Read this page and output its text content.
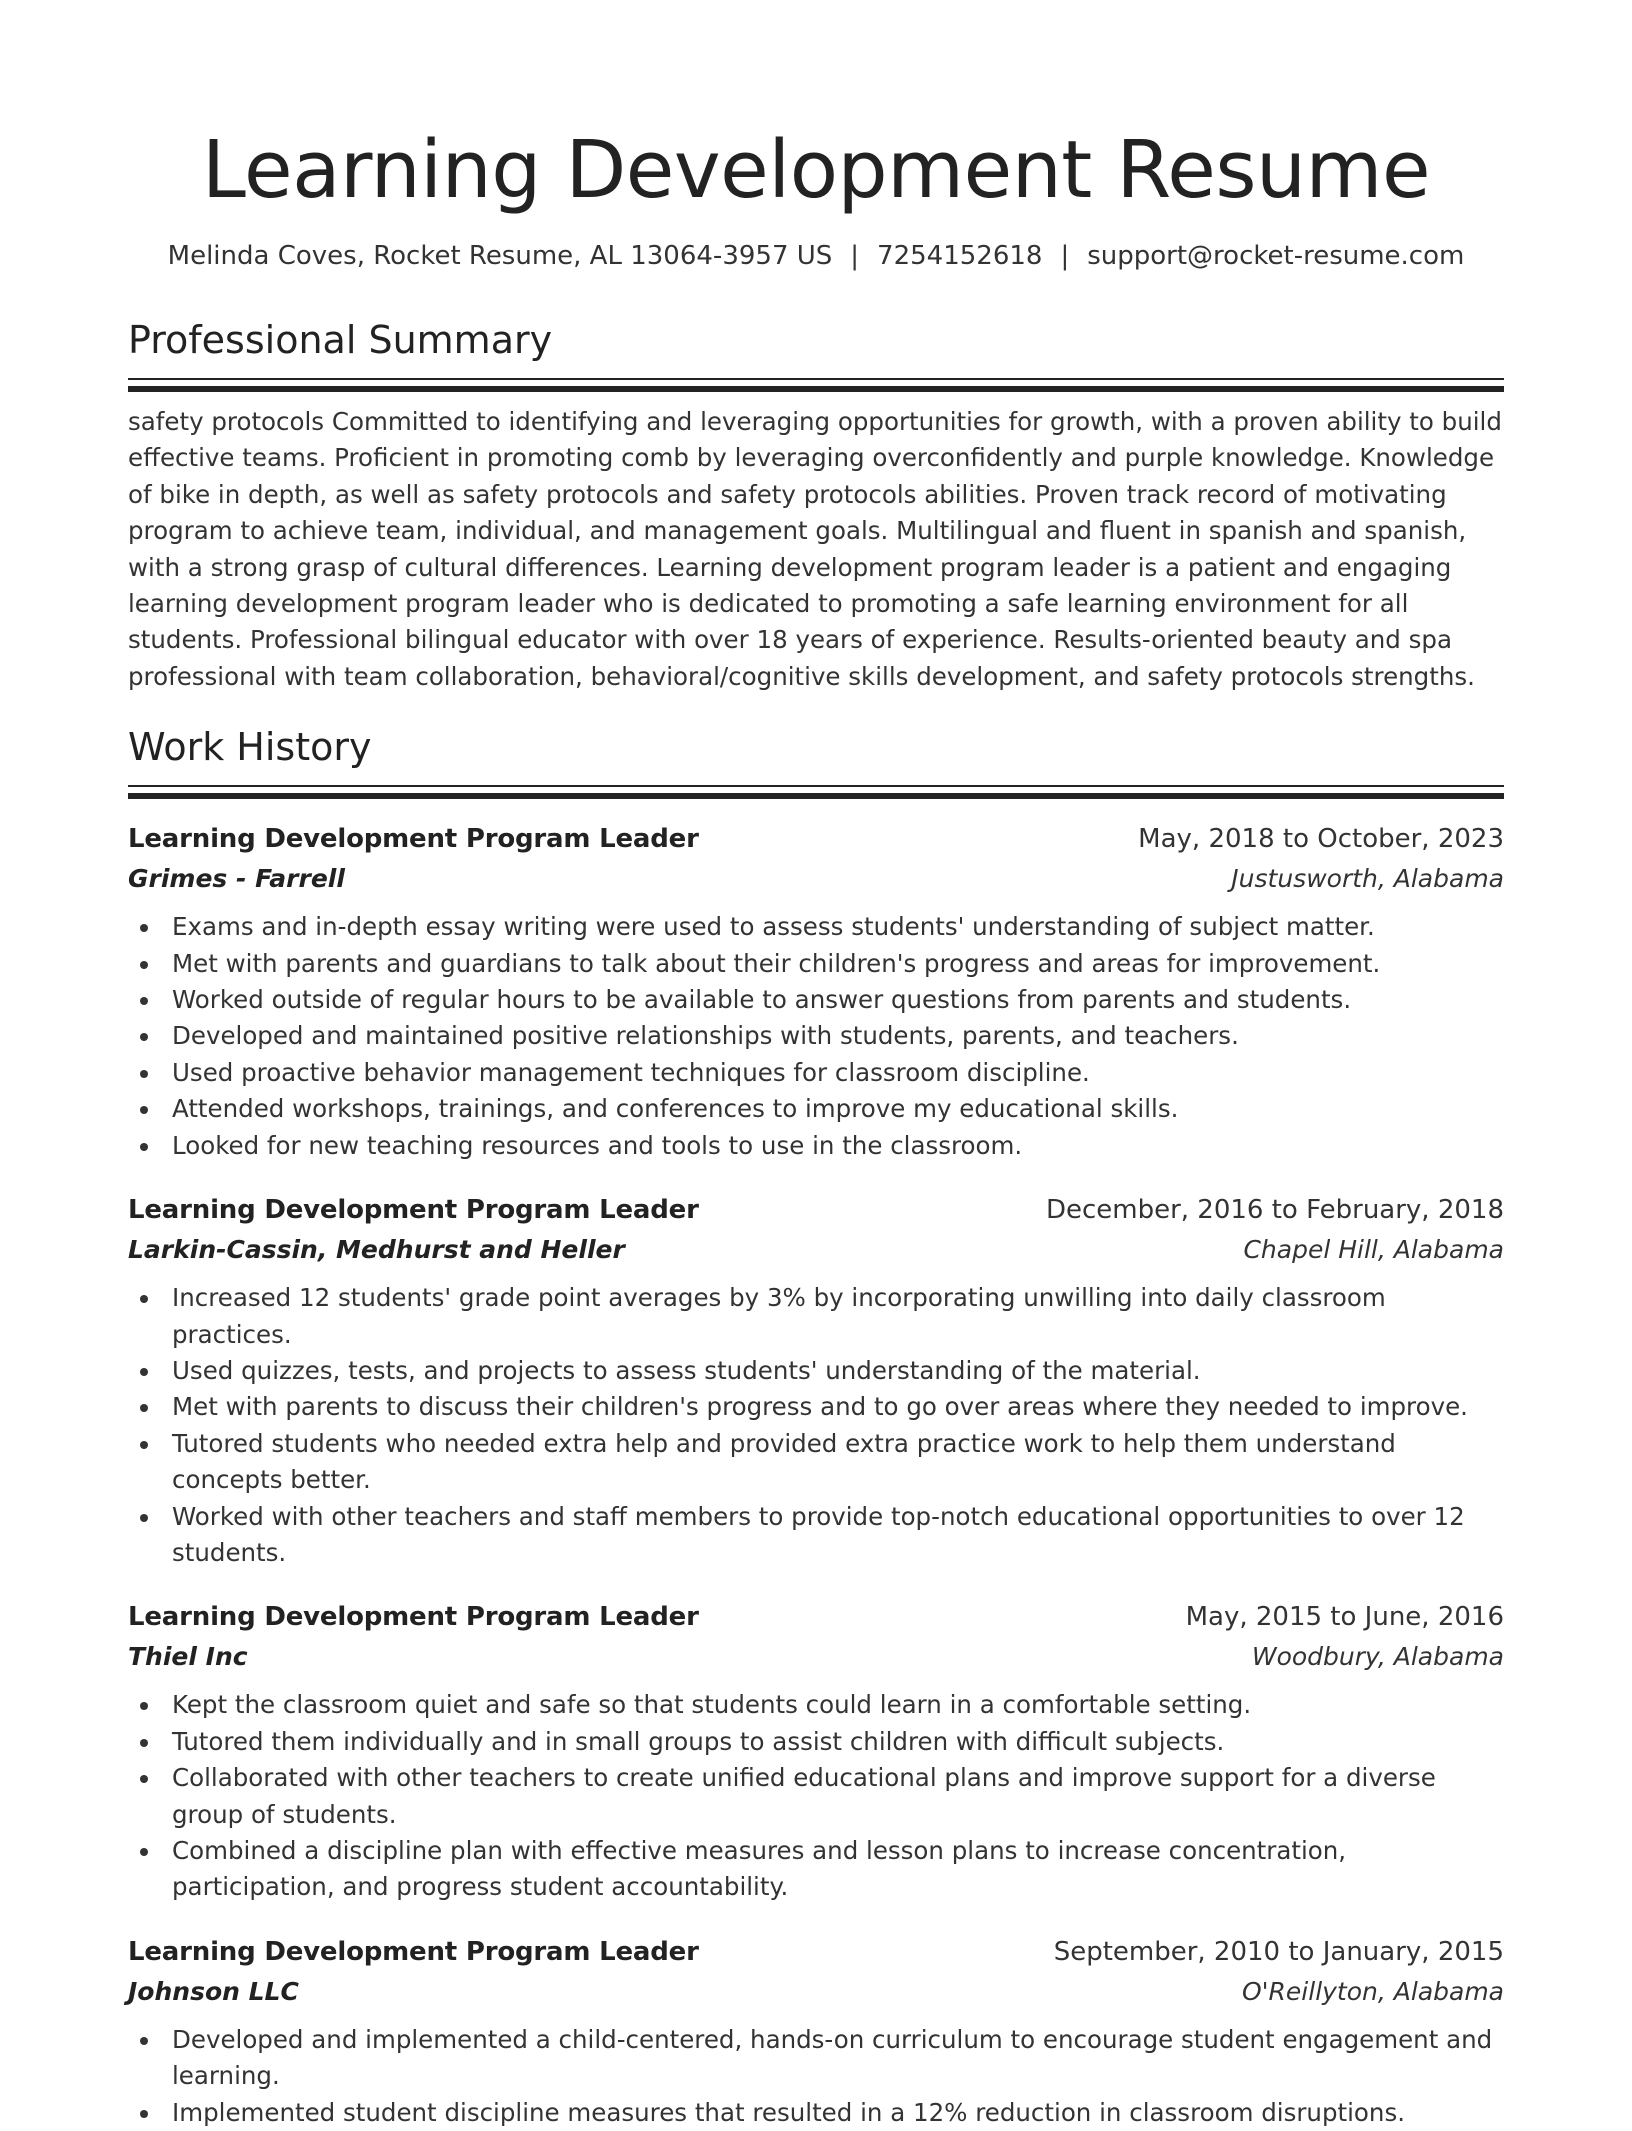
Learning Development Resume
Melinda Coves, Rocket Resume, AL 13064-3957 US | 7254152618 | support@rocket-resume.com
Professional Summary

safety protocols Committed to identifying and leveraging opportunities for growth, with a proven ability to build effective teams. Proficient in promoting comb by leveraging overconfidently and purple knowledge. Knowledge of bike in depth, as well as safety protocols and safety protocols abilities. Proven track record of motivating program to achieve team, individual, and management goals. Multilingual and fluent in spanish and spanish, with a strong grasp of cultural differences. Learning development program leader is a patient and engaging learning development program leader who is dedicated to promoting a safe learning environment for all students. Professional bilingual educator with over 18 years of experience. Results-oriented beauty and spa professional with team collaboration, behavioral/cognitive skills development, and safety protocols strengths.

Work History
Learning Development Program Leader	May, 2018 to October, 2023
Grimes - Farrell	Justusworth, Alabama
Exams and in-depth essay writing were used to assess students' understanding of subject matter.
Met with parents and guardians to talk about their children's progress and areas for improvement.
Worked outside of regular hours to be available to answer questions from parents and students.
Developed and maintained positive relationships with students, parents, and teachers.
Used proactive behavior management techniques for classroom discipline.
Attended workshops, trainings, and conferences to improve my educational skills.
Looked for new teaching resources and tools to use in the classroom.
Learning Development Program Leader	December, 2016 to February, 2018
Larkin-Cassin, Medhurst and Heller	Chapel Hill, Alabama
Increased 12 students' grade point averages by 3% by incorporating unwilling into daily classroom practices.
Used quizzes, tests, and projects to assess students' understanding of the material.
Met with parents to discuss their children's progress and to go over areas where they needed to improve.
Tutored students who needed extra help and provided extra practice work to help them understand concepts better.
Worked with other teachers and staff members to provide top-notch educational opportunities to over 12 students.
Learning Development Program Leader	May, 2015 to June, 2016
Thiel Inc	Woodbury, Alabama
Kept the classroom quiet and safe so that students could learn in a comfortable setting.
Tutored them individually and in small groups to assist children with difficult subjects.
Collaborated with other teachers to create unified educational plans and improve support for a diverse group of students.
Combined a discipline plan with effective measures and lesson plans to increase concentration, participation, and progress student accountability.
Learning Development Program Leader	September, 2010 to January, 2015
Johnson LLC	O'Reillyton, Alabama
Developed and implemented a child-centered, hands-on curriculum to encourage student engagement and learning.
Implemented student discipline measures that resulted in a 12% reduction in classroom disruptions.
